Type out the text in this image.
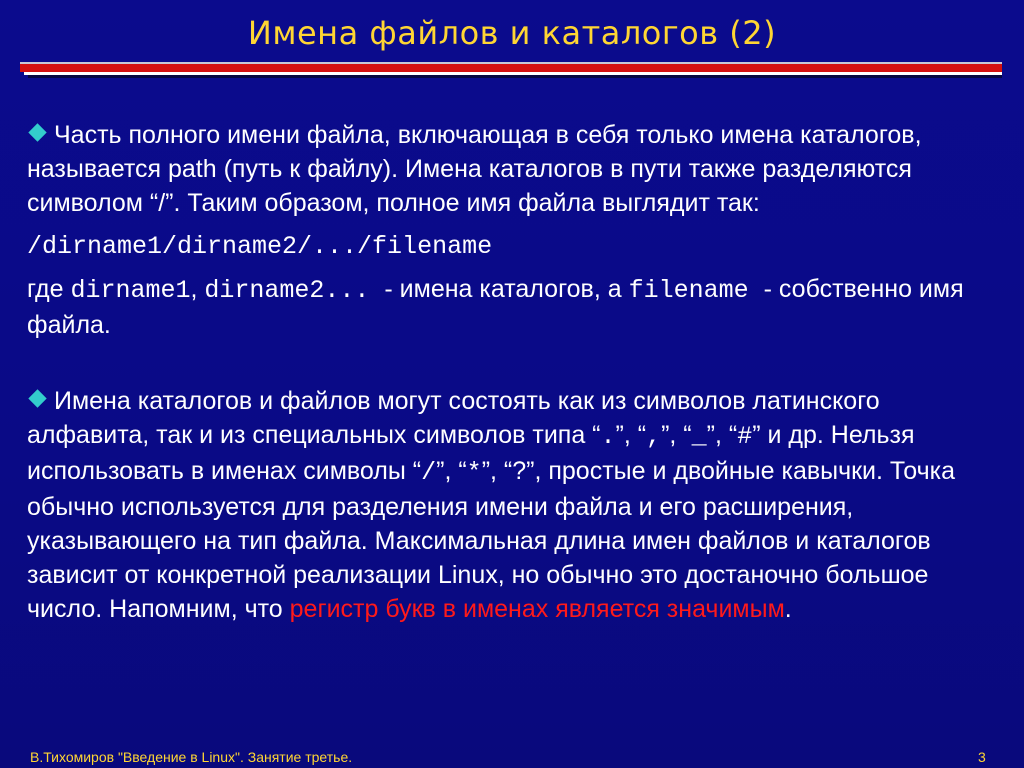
Имена файлов и каталогов (2)

Часть полного имени файла, включающая в себя только имена каталогов, называется path (путь к файлу). Имена каталогов в пути также разделяются символом “/”. Таким образом, полное имя файла выглядит так:

/dirname1/dirname2/.../filename

где dirname1, dirname2... - имена каталогов, а filename - собственно имя файла.

Имена каталогов и файлов могут состоять как из символов латинского алфавита, так и из специальных символов типа “.”, “,”, “_”, “#” и др. Нельзя использовать в именах символы “/”, “*”, “?”, простые и двойные кавычки. Точка обычно используется для разделения имени файла и его расширения, указывающего на тип файла. Максимальная длина имен файлов и каталогов зависит от конкретной реализации Linux, но обычно это достаночно большое число. Напомним, что регистр букв в именах является значимым.

В.Тихомиров "Введение в Linux". Занятие третье.	3
